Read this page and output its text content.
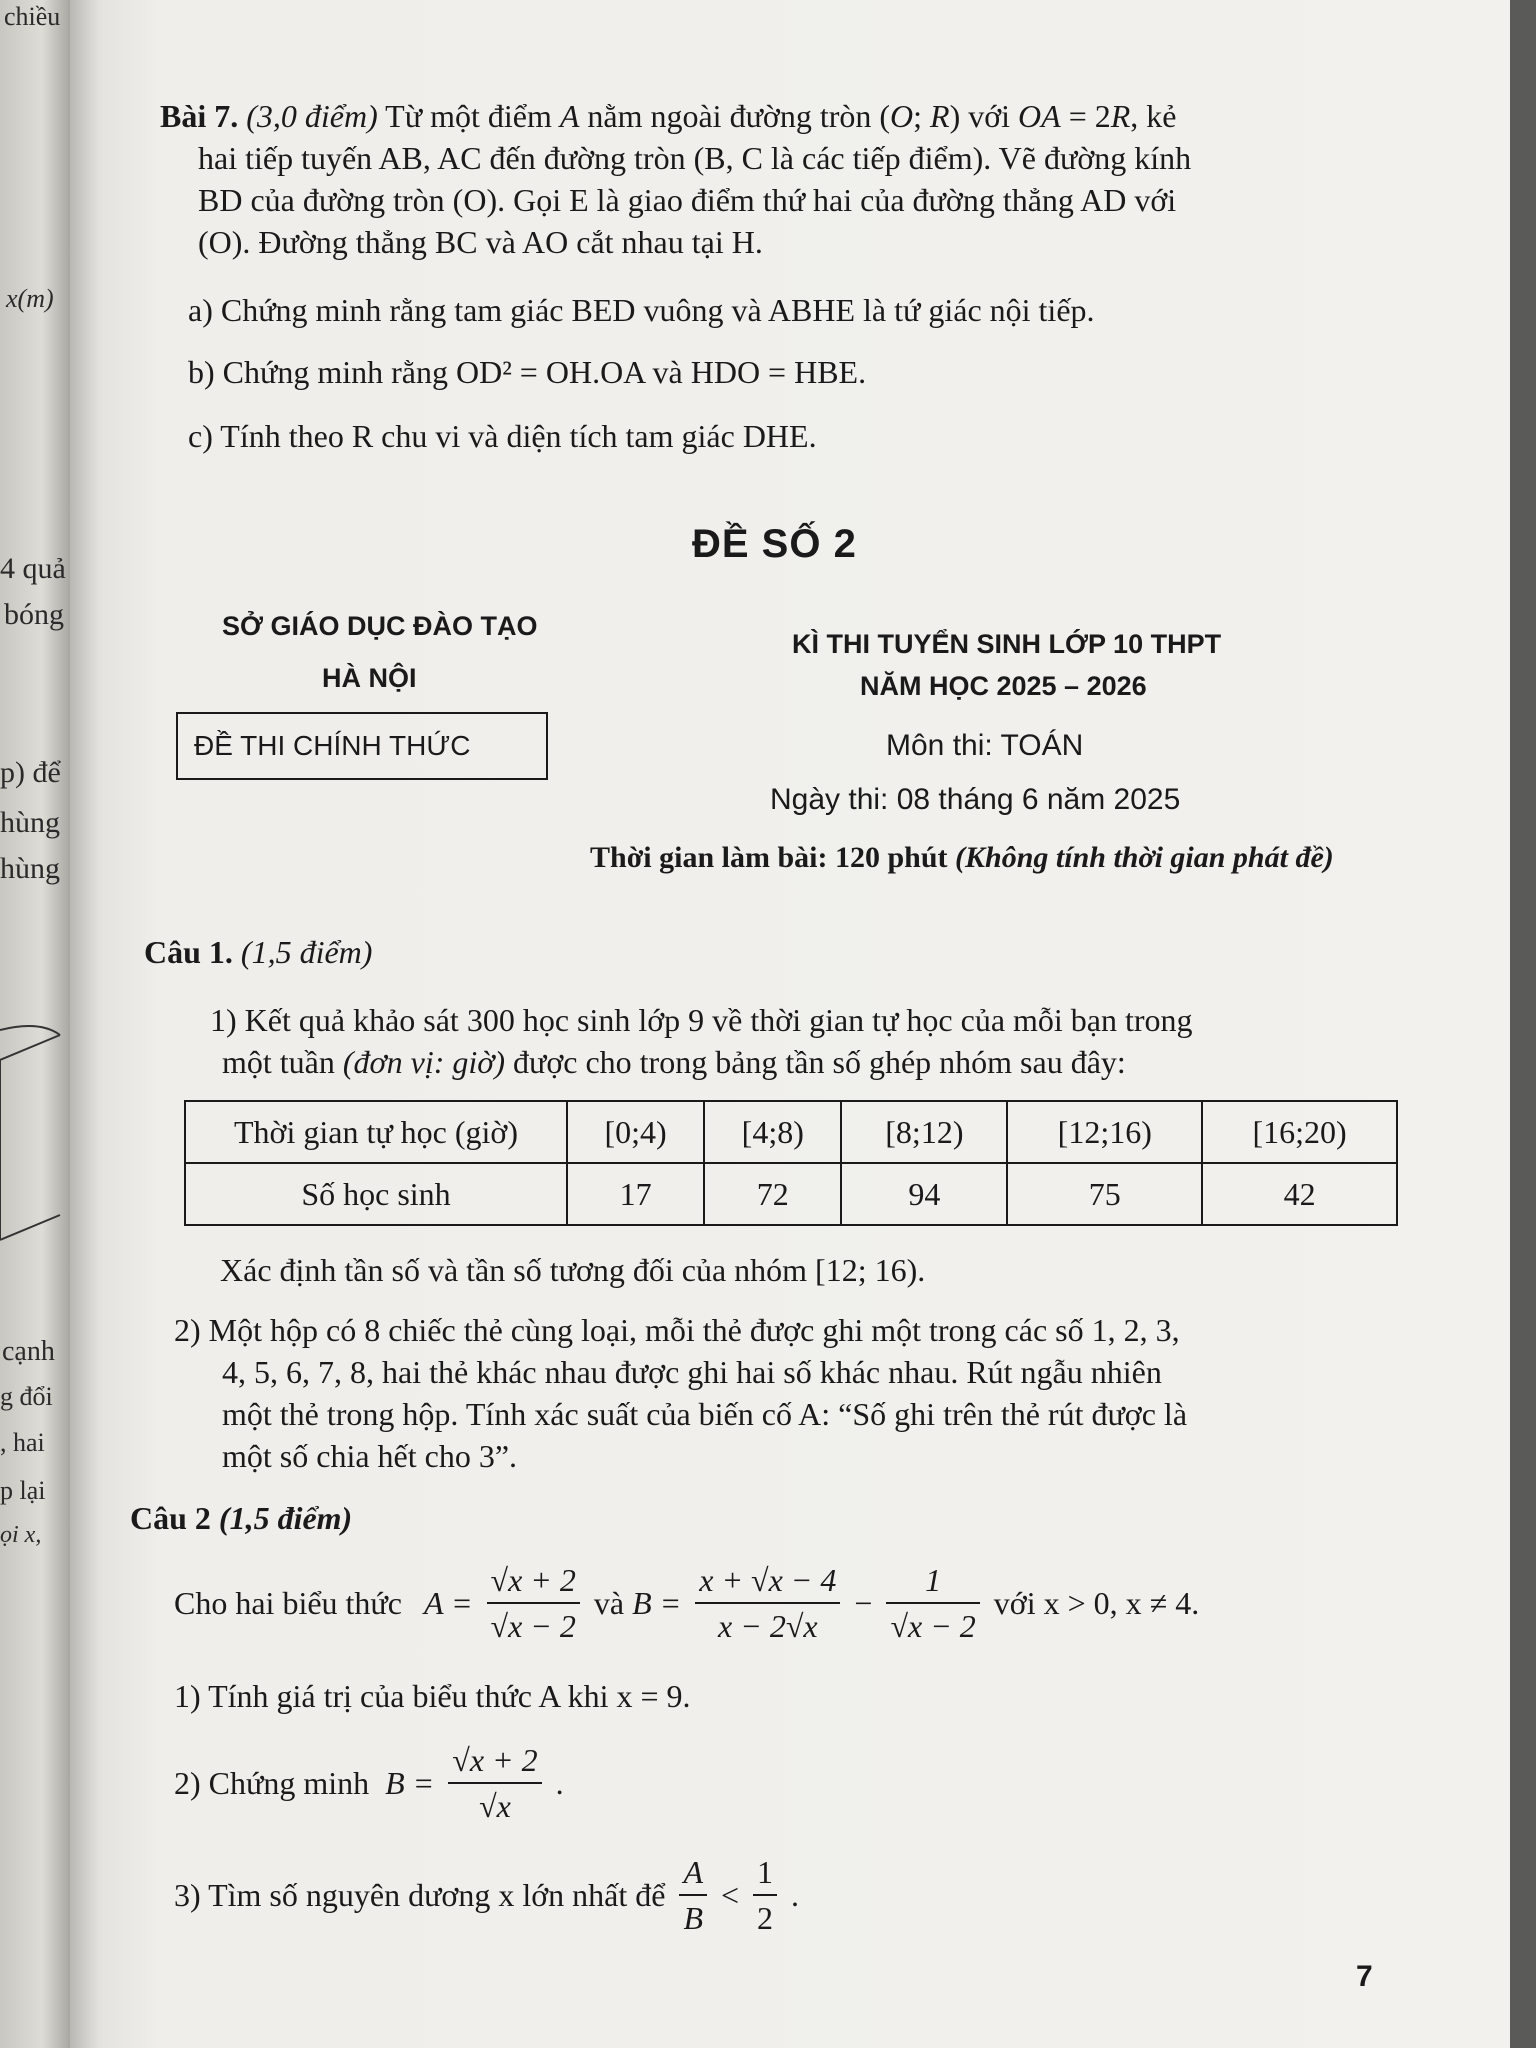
chiều
x(m)
4 quả
bóng
p) để
hùng
hùng
cạnh
g đổi
, hai
p lại
ọi x,
Bài 7. (3,0 điểm) Từ một điểm A nằm ngoài đường tròn (O; R) với OA = 2R, kẻ
hai tiếp tuyến AB, AC đến đường tròn (B, C là các tiếp điểm). Vẽ đường kính
BD của đường tròn (O). Gọi E là giao điểm thứ hai của đường thẳng AD với
(O). Đường thẳng BC và AO cắt nhau tại H.
a) Chứng minh rằng tam giác BED vuông và ABHE là tứ giác nội tiếp.
b) Chứng minh rằng OD² = OH.OA và HDO = HBE.
c) Tính theo R chu vi và diện tích tam giác DHE.
ĐỀ SỐ 2
SỞ GIÁO DỤC ĐÀO TẠO
HÀ NỘI
ĐỀ THI CHÍNH THỨC
KÌ THI TUYỂN SINH LỚP 10 THPT
NĂM HỌC 2025 – 2026
Môn thi: TOÁN
Ngày thi: 08 tháng 6 năm 2025
Thời gian làm bài: 120 phút (Không tính thời gian phát đề)
Câu 1. (1,5 điểm)
1) Kết quả khảo sát 300 học sinh lớp 9 về thời gian tự học của mỗi bạn trong
một tuần (đơn vị: giờ) được cho trong bảng tần số ghép nhóm sau đây:
Thời gian tự học (giờ)	[0;4)	[4;8)	[8;12)	[12;16)	[16;20)
Số học sinh	17	72	94	75	42
Xác định tần số và tần số tương đối của nhóm [12; 16).
2) Một hộp có 8 chiếc thẻ cùng loại, mỗi thẻ được ghi một trong các số 1, 2, 3,
4, 5, 6, 7, 8, hai thẻ khác nhau được ghi hai số khác nhau. Rút ngẫu nhiên
một thẻ trong hộp. Tính xác suất của biến cố A: “Số ghi trên thẻ rút được là
một số chia hết cho 3”.
Câu 2 (1,5 điểm)
Cho hai biểu thức $A = \frac{√x + 2}{√x - 2}$ và $B = \frac{x + √x - 4}{x - 2√x} - \frac{1}{√x - 2}$ với x > 0, x ≠ 4.
1) Tính giá trị của biểu thức A khi x = 9.
2) Chứng minh $B = \frac{√x + 2}{√x}$ .
3) Tìm số nguyên dương x lớn nhất để $\frac{A}{B} < \frac{1}{2}$ .
7
